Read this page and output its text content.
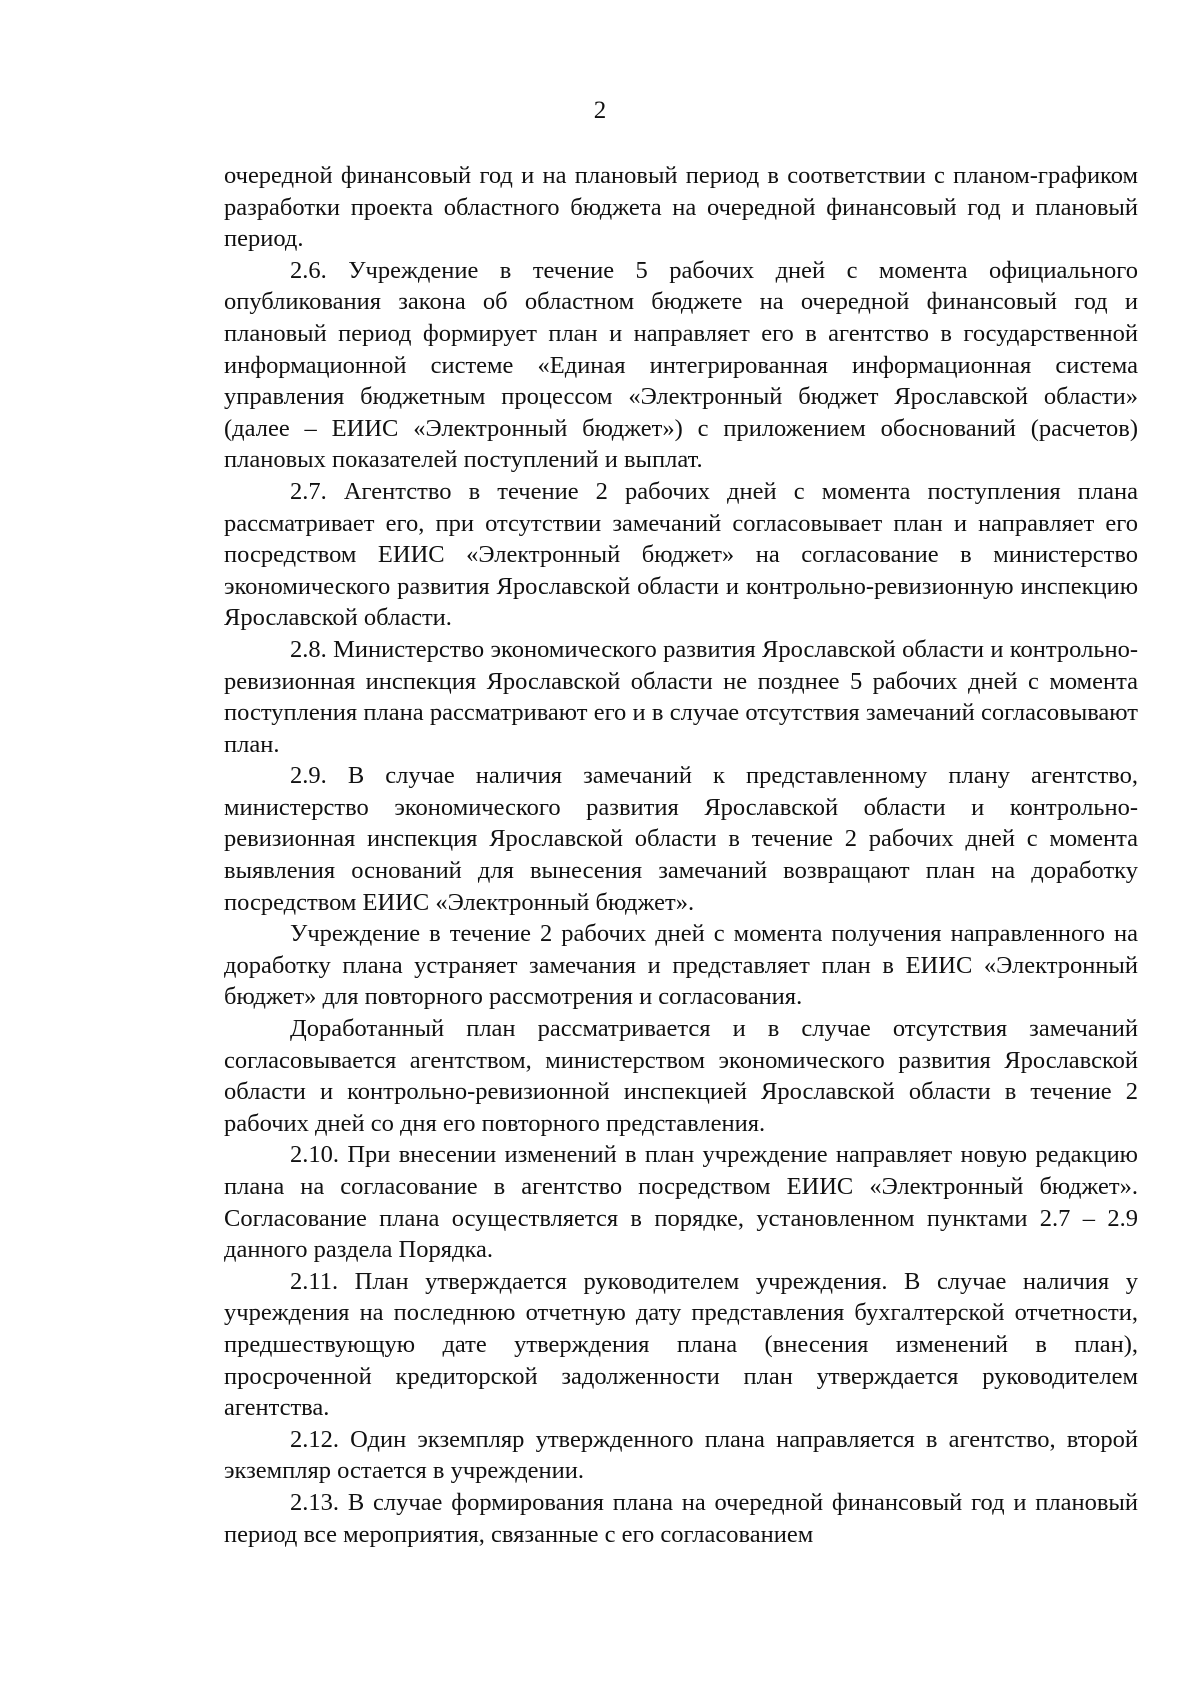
2

очередной финансовый год и на плановый период в соответствии с планом-графиком разработки проекта областного бюджета на очередной финансовый год и плановый период.

2.6. Учреждение в течение 5 рабочих дней с момента официального опубликования закона об областном бюджете на очередной финансовый год и плановый период формирует план и направляет его в агентство в государственной информационной системе «Единая интегрированная информационная система управления бюджетным процессом «Электронный бюджет Ярославской области» (далее – ЕИИС «Электронный бюджет») с приложением обоснований (расчетов) плановых показателей поступлений и выплат.

2.7. Агентство в течение 2 рабочих дней с момента поступления плана рассматривает его, при отсутствии замечаний согласовывает план и направляет его посредством ЕИИС «Электронный бюджет» на согласование в министерство экономического развития Ярославской области и контрольно-ревизионную инспекцию Ярославской области.

2.8. Министерство экономического развития Ярославской области и контрольно-ревизионная инспекция Ярославской области не позднее 5 рабочих дней с момента поступления плана рассматривают его и в случае отсутствия замечаний согласовывают план.

2.9. В случае наличия замечаний к представленному плану агентство, министерство экономического развития Ярославской области и контрольно-ревизионная инспекция Ярославской области в течение 2 рабочих дней с момента выявления оснований для вынесения замечаний возвращают план на доработку посредством ЕИИС «Электронный бюджет».

Учреждение в течение 2 рабочих дней с момента получения направленного на доработку плана устраняет замечания и представляет план в ЕИИС «Электронный бюджет» для повторного рассмотрения и согласования.

Доработанный план рассматривается и в случае отсутствия замечаний согласовывается агентством, министерством экономического развития Ярославской области и контрольно-ревизионной инспекцией Ярославской области в течение 2 рабочих дней со дня его повторного представления.

2.10. При внесении изменений в план учреждение направляет новую редакцию плана на согласование в агентство посредством ЕИИС «Электронный бюджет». Согласование плана осуществляется в порядке, установленном пунктами 2.7 – 2.9 данного раздела Порядка.

2.11. План утверждается руководителем учреждения. В случае наличия у учреждения на последнюю отчетную дату представления бухгалтерской отчетности, предшествующую дате утверждения плана (внесения изменений в план), просроченной кредиторской задолженности план утверждается руководителем агентства.

2.12. Один экземпляр утвержденного плана направляется в агентство, второй экземпляр остается в учреждении.

2.13. В случае формирования плана на очередной финансовый год и плановый период все мероприятия, связанные с его согласованием
